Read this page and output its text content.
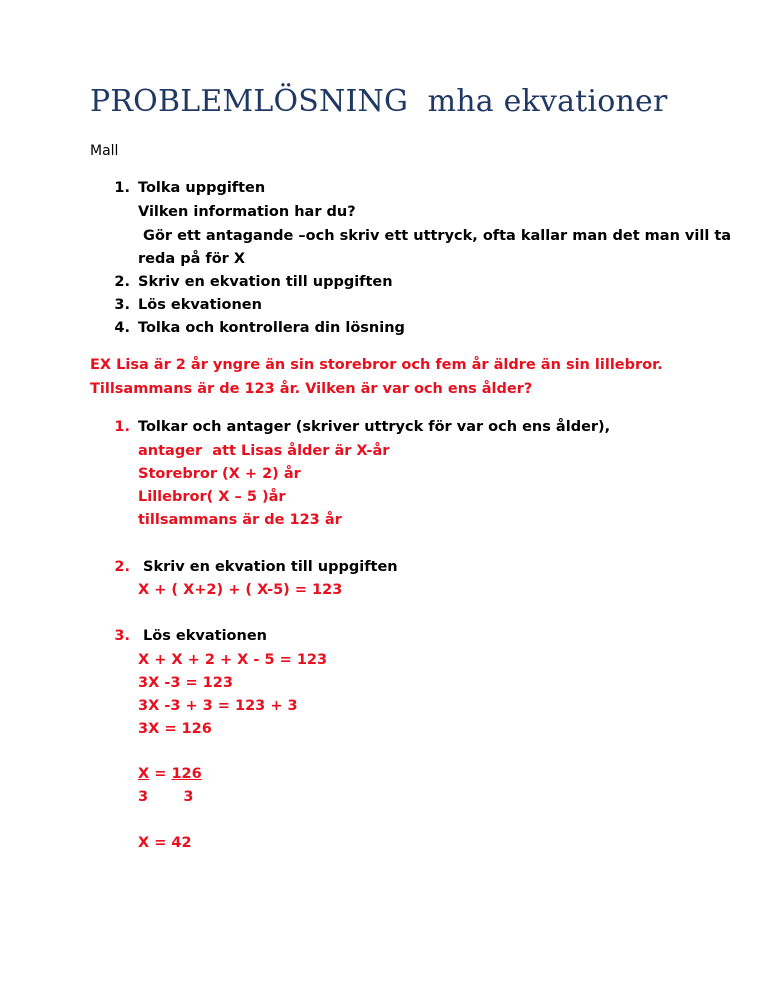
PROBLEMLÖSNING  mha ekvationer
Mall
1. Tolka uppgiften
Vilken information har du?
Gör ett antagande –och skriv ett uttryck, ofta kallar man det man vill ta
reda på för X
2. Skriv en ekvation till uppgiften
3. Lös ekvationen
4. Tolka och kontrollera din lösning
EX Lisa är 2 år yngre än sin storebror och fem år äldre än sin lillebror.
Tillsammans är de 123 år. Vilken är var och ens ålder?
1. Tolkar och antager (skriver uttryck för var och ens ålder),
antager  att Lisas ålder är X-år
Storebror (X + 2) år
Lillebror( X – 5 )år
tillsammans är de 123 år
2. Skriv en ekvation till uppgiften
X + ( X+2) + ( X-5) = 123
3. Lös ekvationen
X + X + 2 + X - 5 = 123
3X -3 = 123
3X -3 + 3 = 123 + 3
3X = 126
X = 126
3       3
X = 42
